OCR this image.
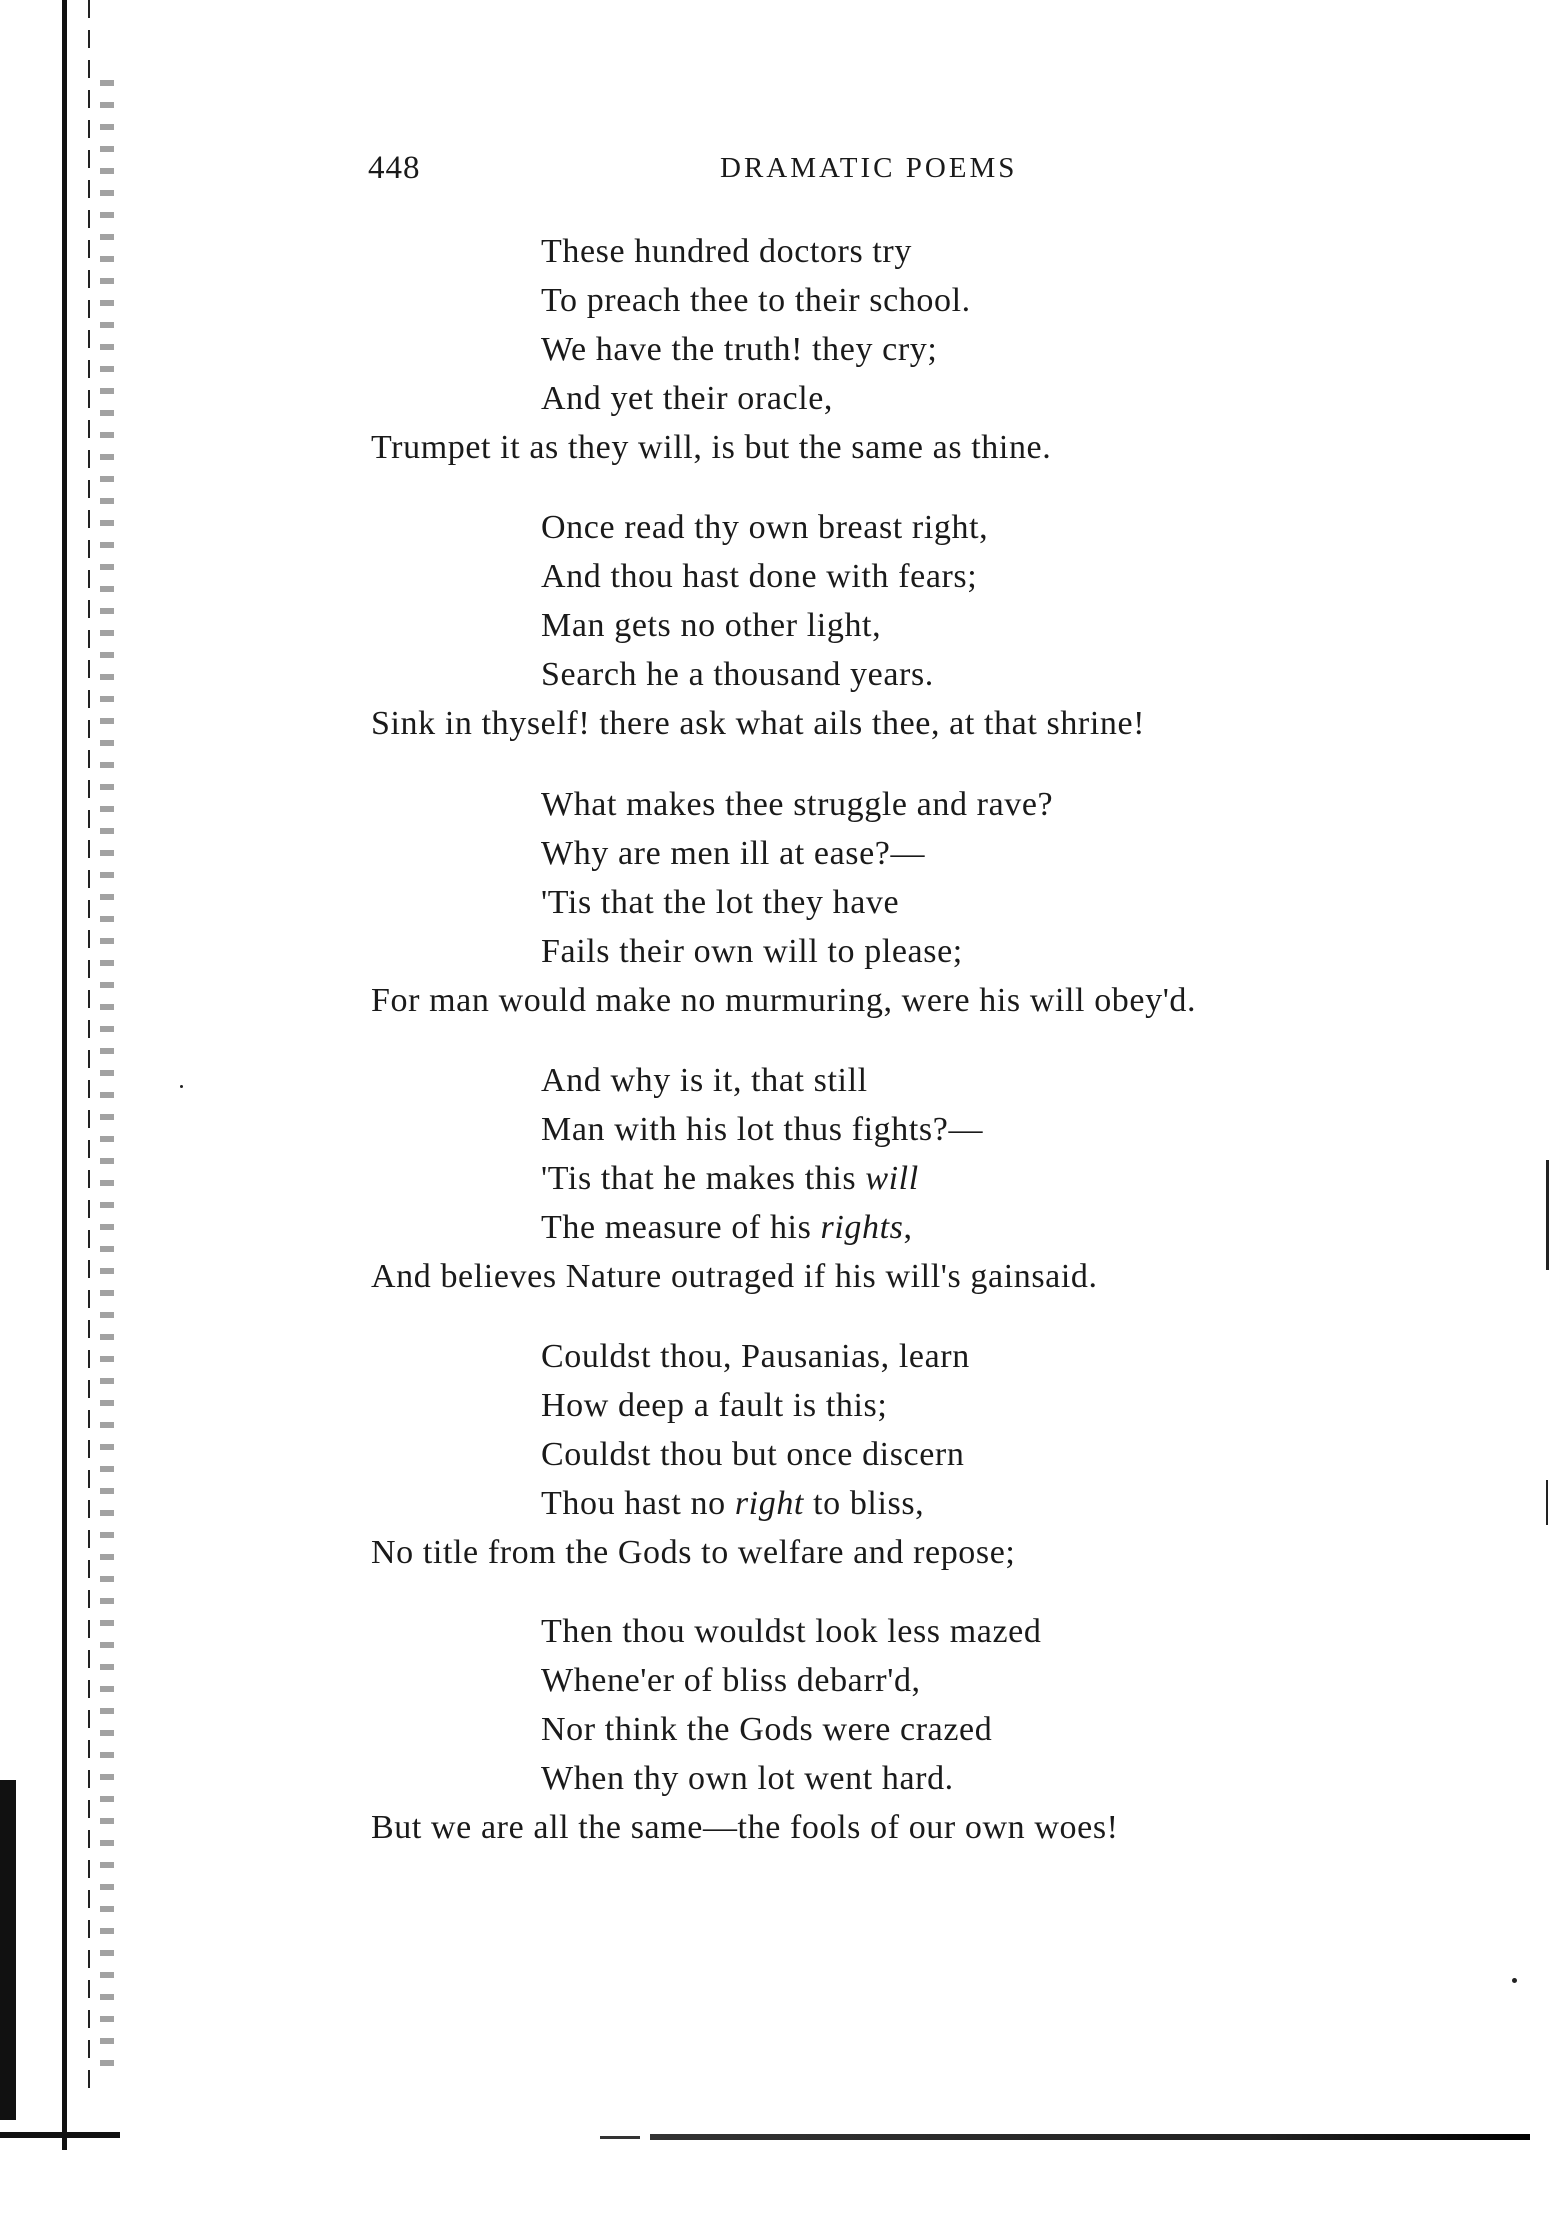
448	DRAMATIC POEMS
These hundred doctors try
To preach thee to their school.
We have the truth! they cry;
And yet their oracle,
Trumpet it as they will, is but the same as thine.
Once read thy own breast right,
And thou hast done with fears;
Man gets no other light,
Search he a thousand years.
Sink in thyself! there ask what ails thee, at that shrine!
What makes thee struggle and rave?
Why are men ill at ease?—
'Tis that the lot they have
Fails their own will to please;
For man would make no murmuring, were his will obey'd.
And why is it, that still
Man with his lot thus fights?—
'Tis that he makes this will
The measure of his rights,
And believes Nature outraged if his will's gainsaid.
Couldst thou, Pausanias, learn
How deep a fault is this;
Couldst thou but once discern
Thou hast no right to bliss,
No title from the Gods to welfare and repose;
Then thou wouldst look less mazed
Whene'er of bliss debarr'd,
Nor think the Gods were crazed
When thy own lot went hard.
But we are all the same—the fools of our own woes!
